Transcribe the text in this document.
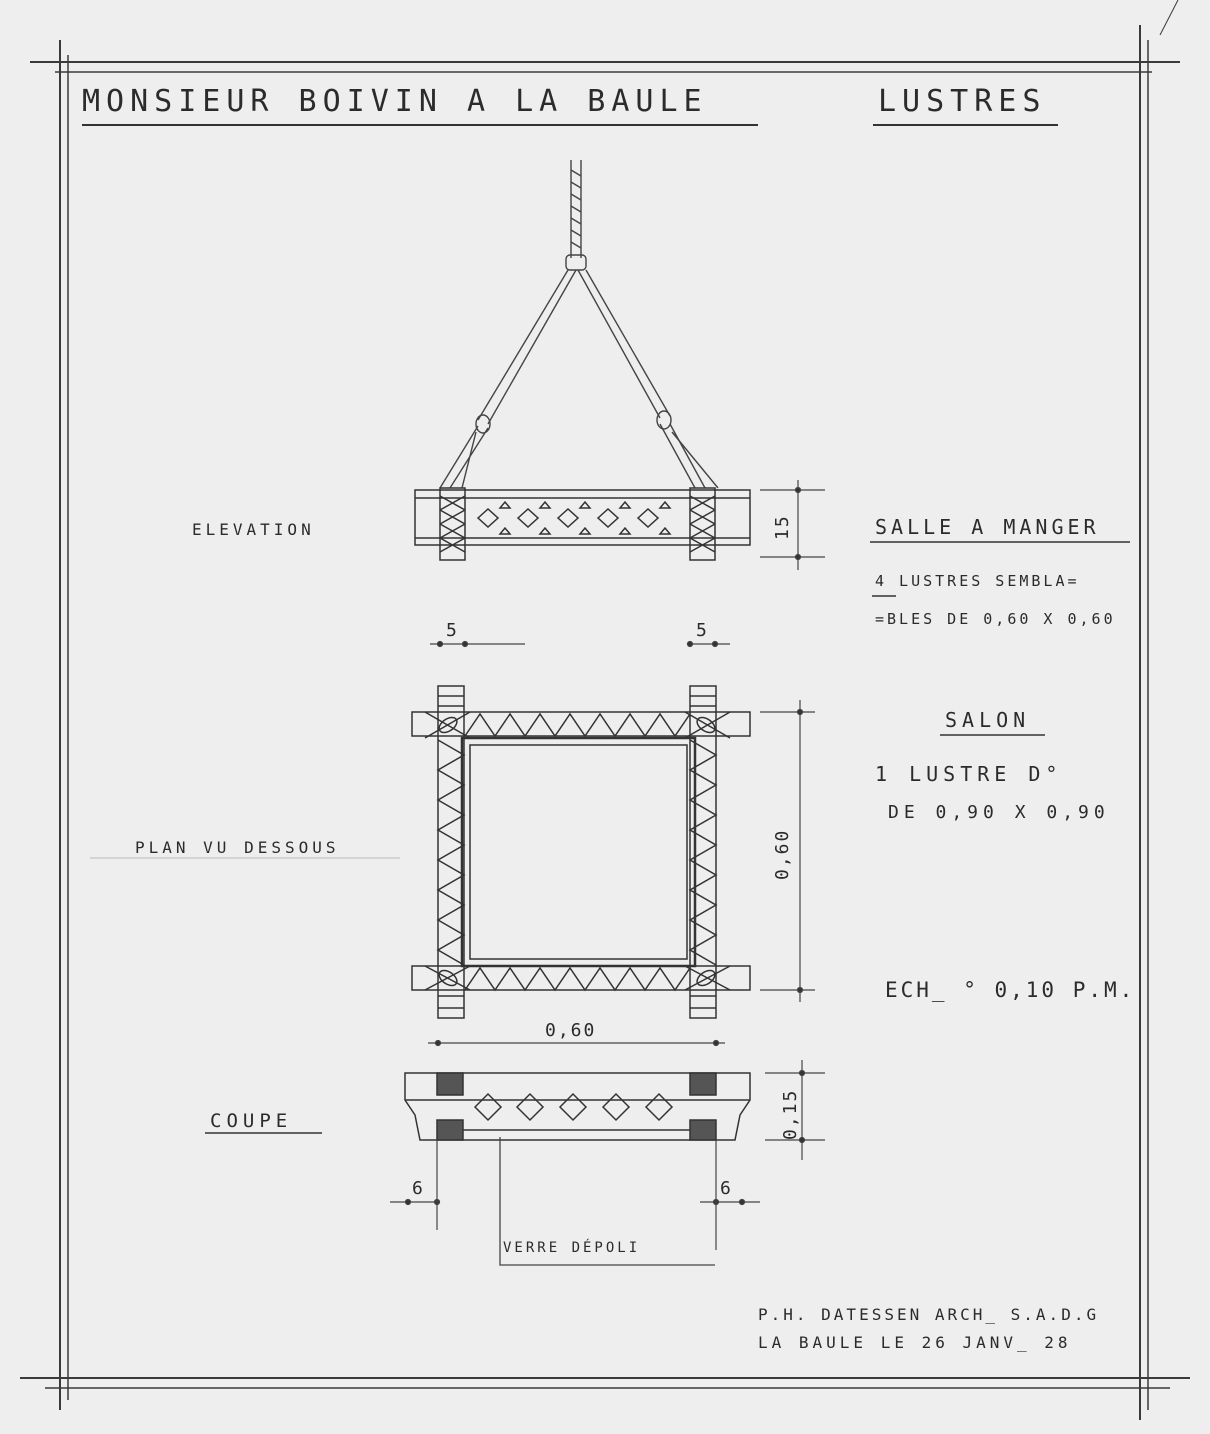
MONSIEUR BOIVIN A LA BAULE	LUSTRES
ELEVATION
PLAN VU DESSOUS
COUPE
15
5	5
0,60
0,60
0,15
6	6
VERRE DÉPOLI
SALLE A MANGER
4 LUSTRES SEMBLA=
=BLES DE 0,60 X 0,60
SALON
1 LUSTRE D°
DE 0,90 X 0,90
ECH_ ° 0,10 P.M.
P.H. DATESSEN ARCH_ S.A.D.G
LA BAULE LE 26 JANV_ 28
